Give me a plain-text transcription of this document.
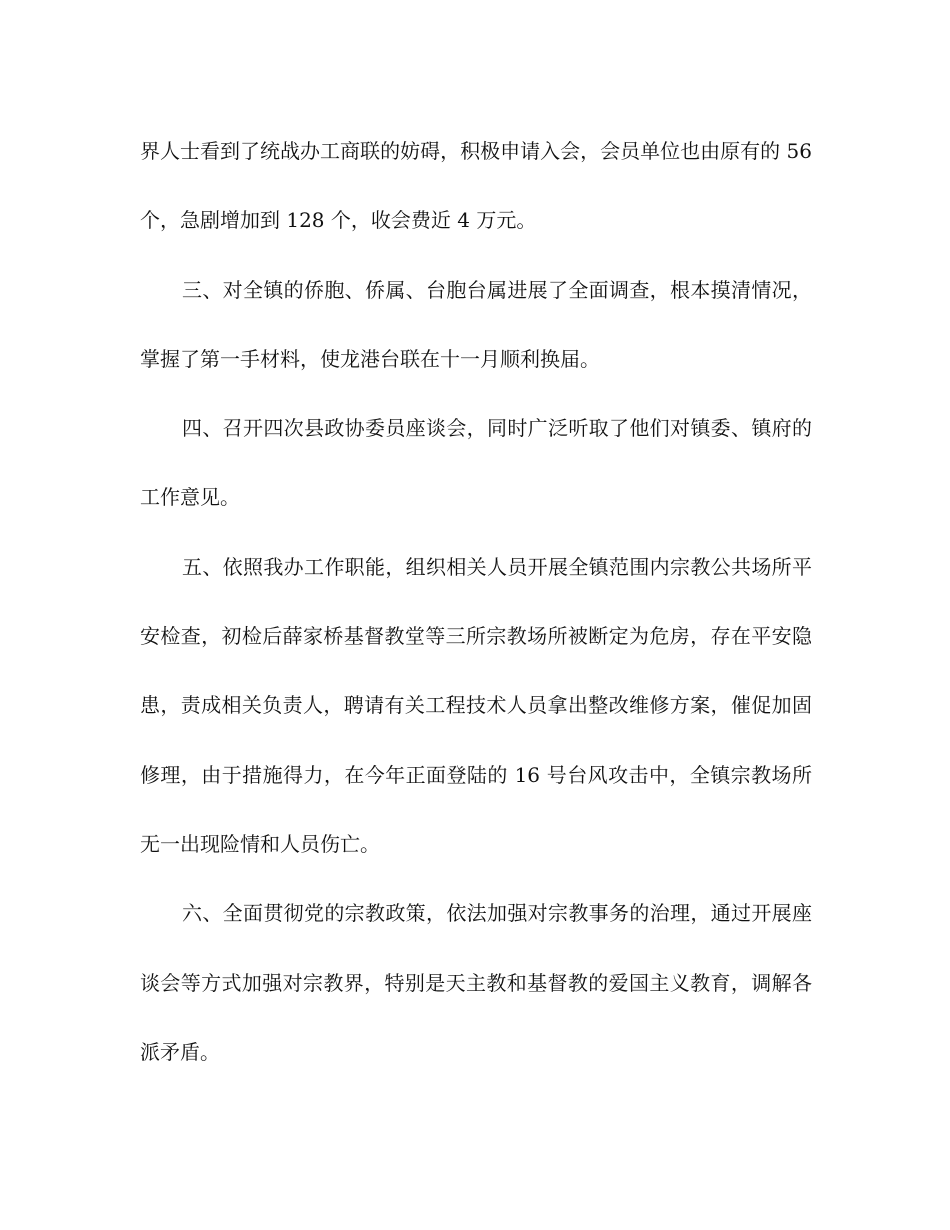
界人士看到了统战办工商联的妨碍，积极申请入会，会员单位也由原有的 56 个，急剧增加到 128 个，收会费近 4 万元。

三、对全镇的侨胞、侨属、台胞台属进展了全面调查，根本摸清情况，掌握了第一手材料，使龙港台联在十一月顺利换届。

四、召开四次县政协委员座谈会，同时广泛听取了他们对镇委、镇府的工作意见。

五、依照我办工作职能，组织相关人员开展全镇范围内宗教公共场所平安检查，初检后薛家桥基督教堂等三所宗教场所被断定为危房，存在平安隐患，责成相关负责人，聘请有关工程技术人员拿出整改维修方案，催促加固修理，由于措施得力，在今年正面登陆的 16 号台风攻击中，全镇宗教场所无一出现险情和人员伤亡。

六、全面贯彻党的宗教政策，依法加强对宗教事务的治理，通过开展座谈会等方式加强对宗教界，特别是天主教和基督教的爱国主义教育，调解各派矛盾。
